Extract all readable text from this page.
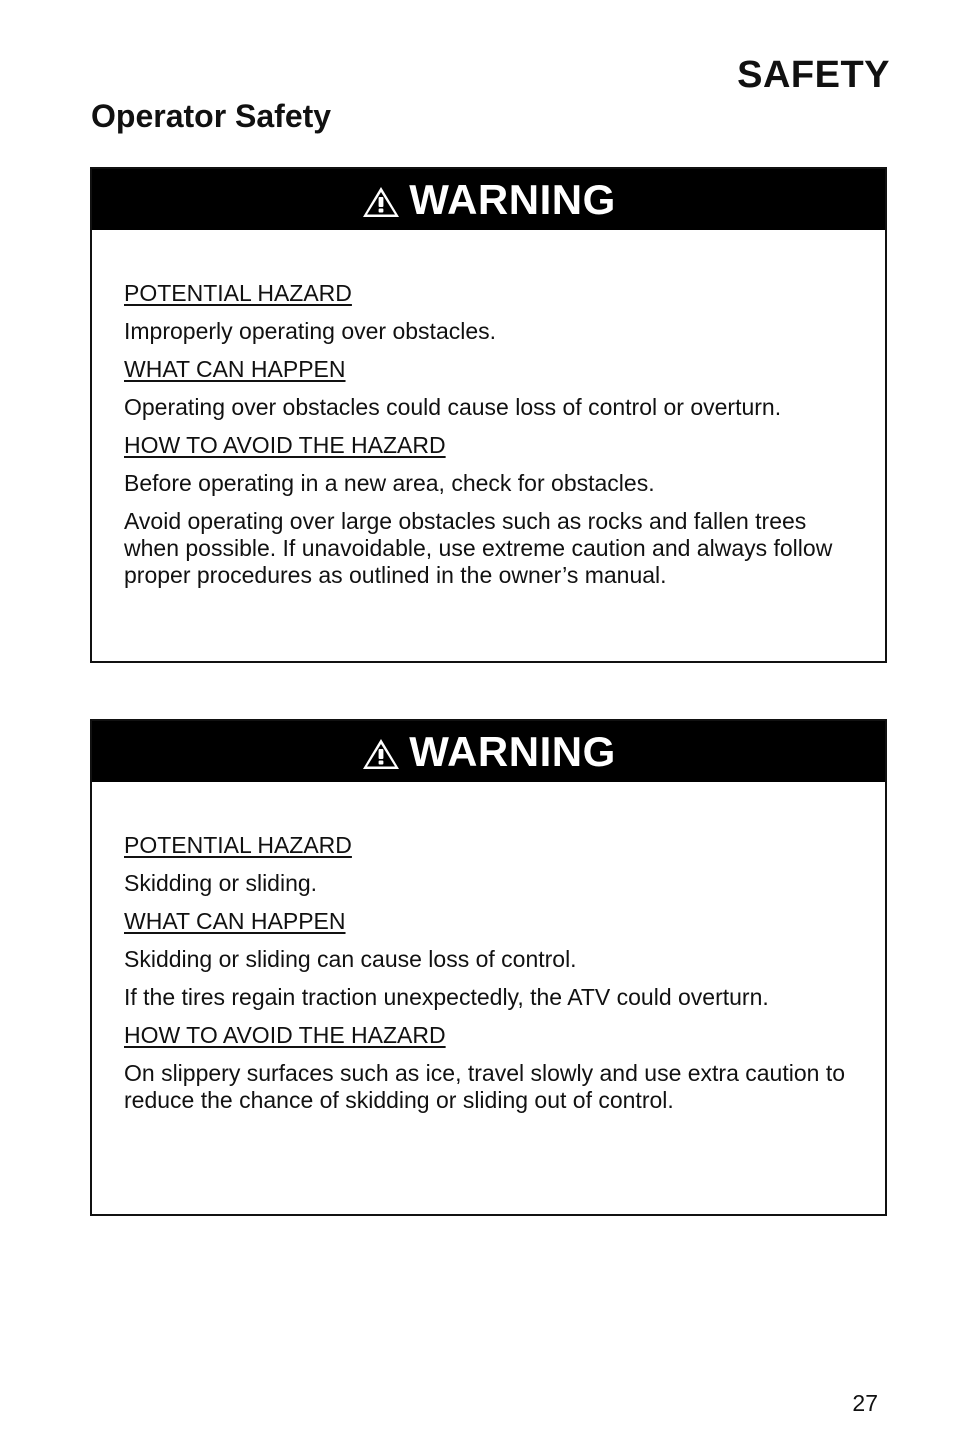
SAFETY
Operator Safety
WARNING

POTENTIAL HAZARD

Improperly operating over obstacles.

WHAT CAN HAPPEN

Operating over obstacles could cause loss of control or overturn.

HOW TO AVOID THE HAZARD

Before operating in a new area, check for obstacles.

Avoid operating over large obstacles such as rocks and fallen trees when possible. If unavoidable, use extreme caution and always follow proper procedures as outlined in the owner’s manual.

WARNING

POTENTIAL HAZARD

Skidding or sliding.

WHAT CAN HAPPEN

Skidding or sliding can cause loss of control.

If the tires regain traction unexpectedly, the ATV could overturn.

HOW TO AVOID THE HAZARD

On slippery surfaces such as ice, travel slowly and use extra caution to reduce the chance of skidding or sliding out of control.

27
